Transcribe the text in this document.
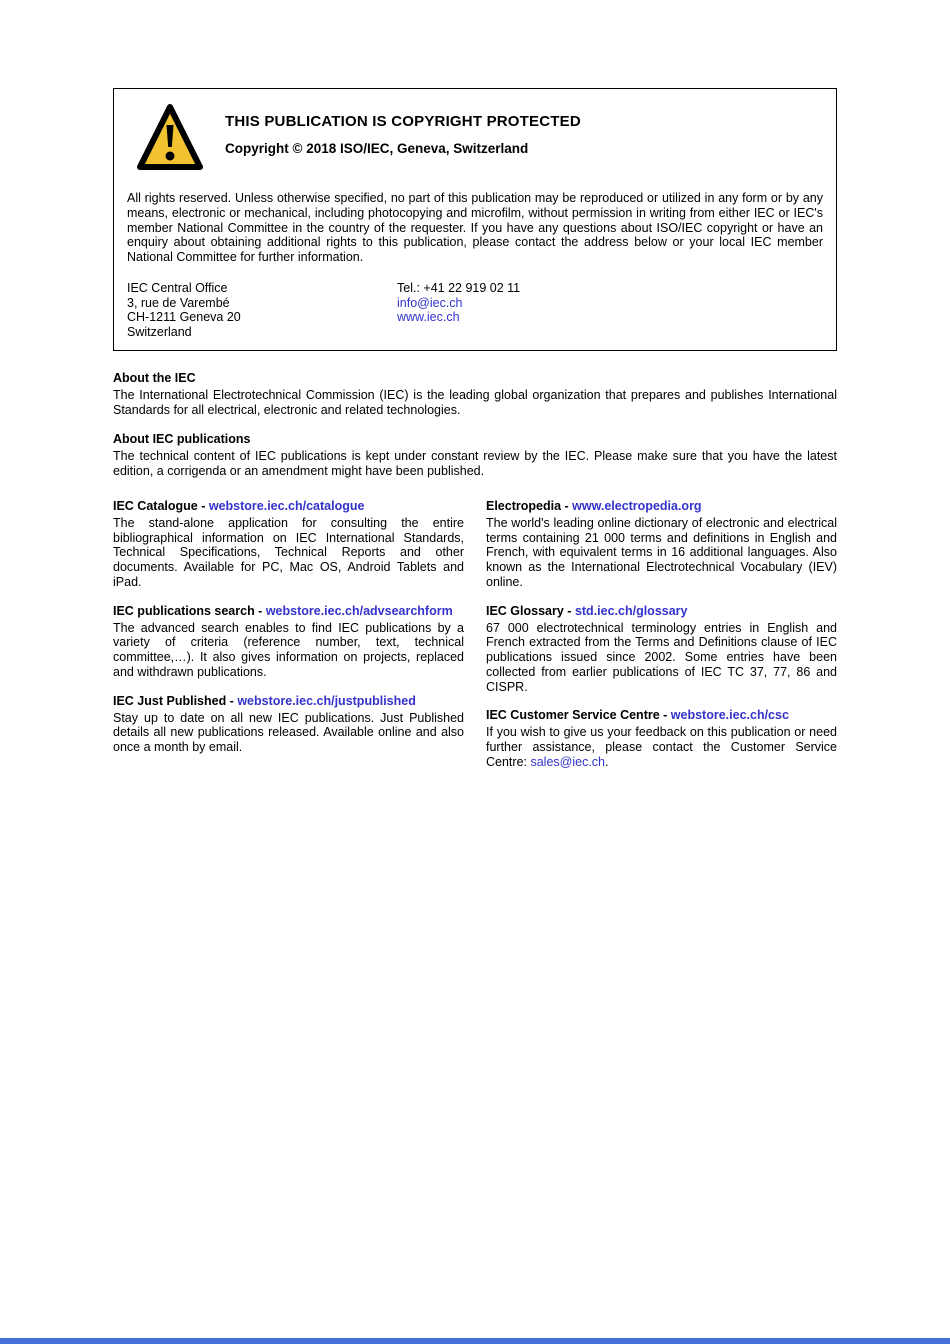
THIS PUBLICATION IS COPYRIGHT PROTECTED
Copyright © 2018 ISO/IEC, Geneva, Switzerland

All rights reserved. Unless otherwise specified, no part of this publication may be reproduced or utilized in any form or by any means, electronic or mechanical, including photocopying and microfilm, without permission in writing from either IEC or IEC's member National Committee in the country of the requester. If you have any questions about ISO/IEC copyright or have an enquiry about obtaining additional rights to this publication, please contact the address below or your local IEC member National Committee for further information.

IEC Central Office
3, rue de Varembé
CH-1211 Geneva 20
Switzerland
Tel.: +41 22 919 02 11
info@iec.ch
www.iec.ch

About the IEC

The International Electrotechnical Commission (IEC) is the leading global organization that prepares and publishes International Standards for all electrical, electronic and related technologies.

About IEC publications

The technical content of IEC publications is kept under constant review by the IEC. Please make sure that you have the latest edition, a corrigenda or an amendment might have been published.

IEC Catalogue - webstore.iec.ch/catalogue

The stand-alone application for consulting the entire bibliographical information on IEC International Standards, Technical Specifications, Technical Reports and other documents. Available for PC, Mac OS, Android Tablets and iPad.

IEC publications search - webstore.iec.ch/advsearchform

The advanced search enables to find IEC publications by a variety of criteria (reference number, text, technical committee,…). It also gives information on projects, replaced and withdrawn publications.

IEC Just Published - webstore.iec.ch/justpublished

Stay up to date on all new IEC publications. Just Published details all new publications released. Available online and also once a month by email.

Electropedia - www.electropedia.org

The world's leading online dictionary of electronic and electrical terms containing 21 000 terms and definitions in English and French, with equivalent terms in 16 additional languages. Also known as the International Electrotechnical Vocabulary (IEV) online.

IEC Glossary - std.iec.ch/glossary

67 000 electrotechnical terminology entries in English and French extracted from the Terms and Definitions clause of IEC publications issued since 2002. Some entries have been collected from earlier publications of IEC TC 37, 77, 86 and CISPR.

IEC Customer Service Centre - webstore.iec.ch/csc

If you wish to give us your feedback on this publication or need further assistance, please contact the Customer Service Centre: sales@iec.ch.
